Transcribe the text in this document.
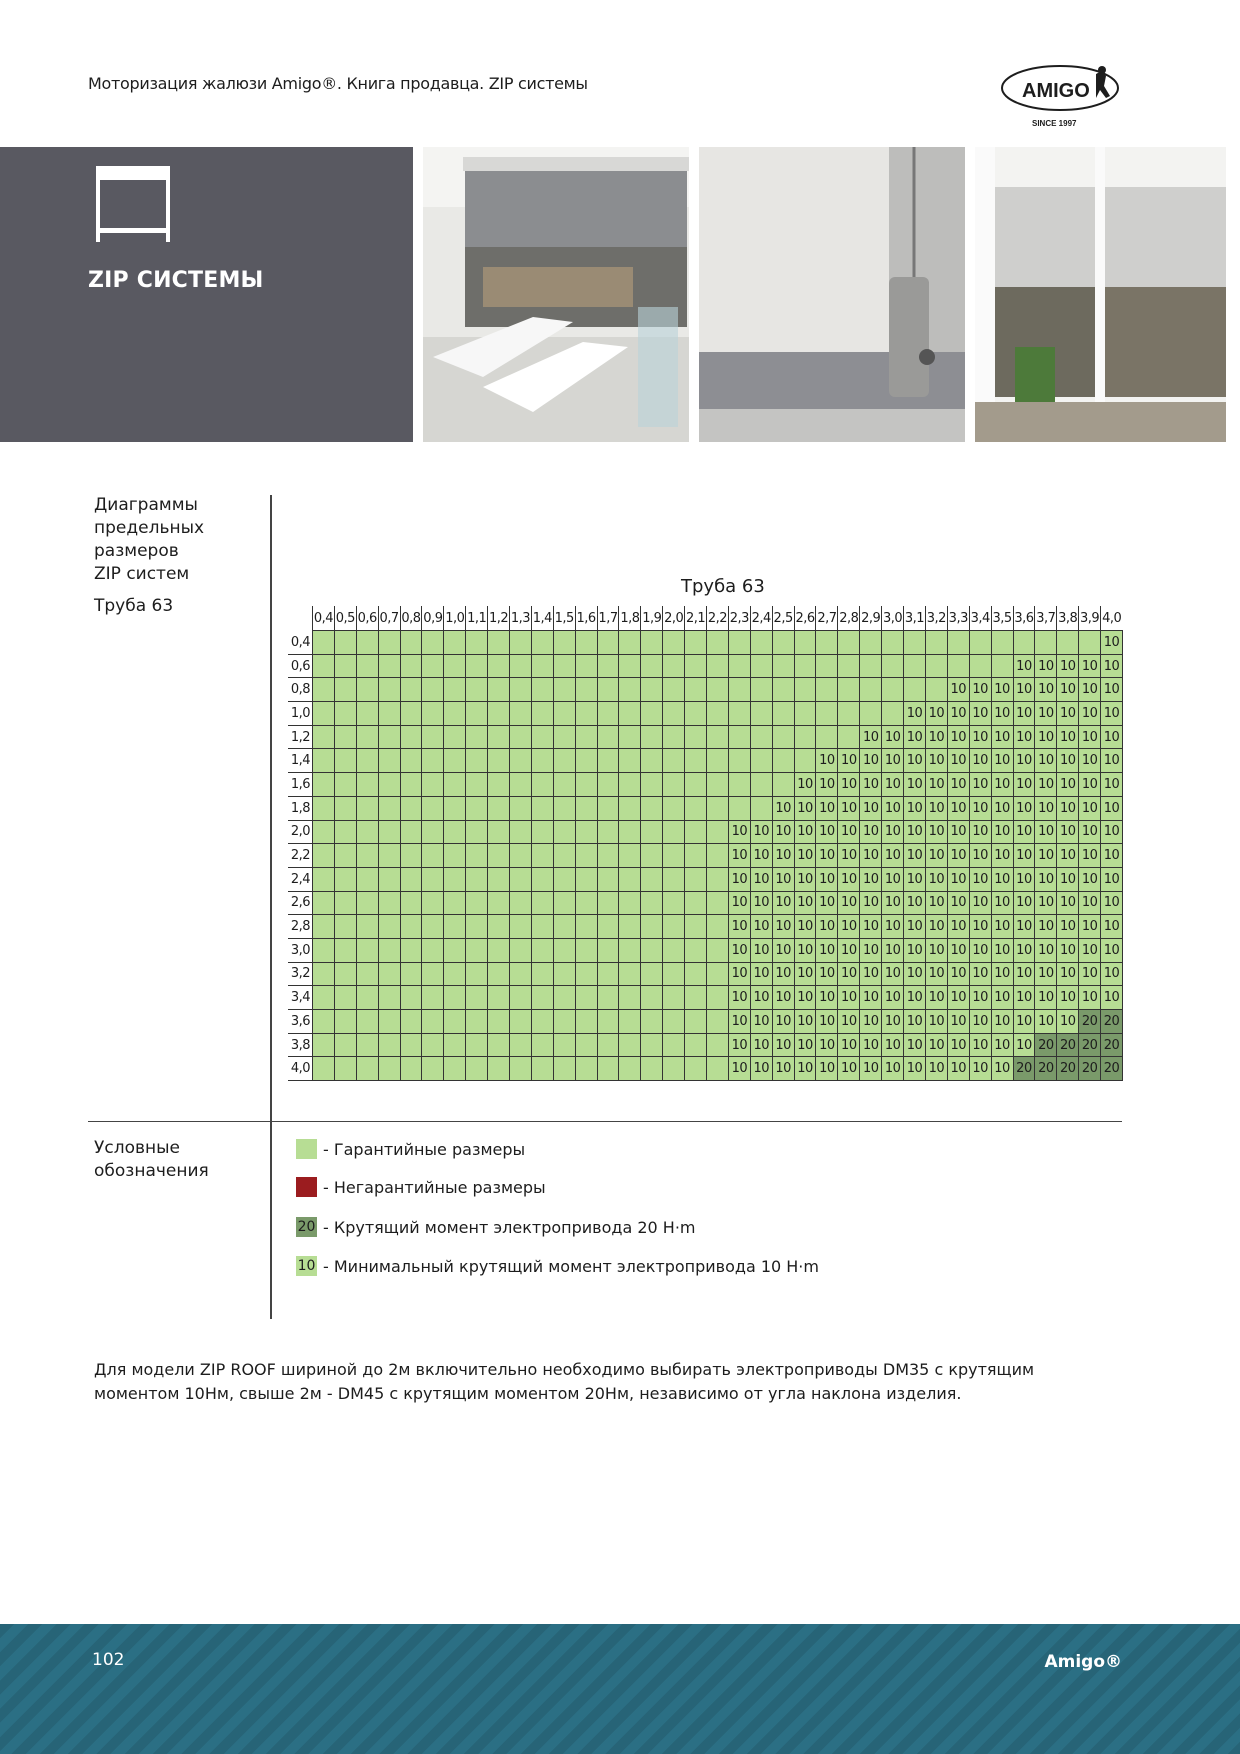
Моторизация жалюзи Amigo®. Книга продавца. ZIP системы	AMIGO
SINCE 1997
ZIP СИСТЕМЫ
Диаграммы
предельных
размеров
ZIP систем
Труба 63
Труба 63
	0,4	0,5	0,6	0,7	0,8	0,9	1,0	1,1	1,2	1,3	1,4	1,5	1,6	1,7	1,8	1,9	2,0	2,1	2,2	2,3	2,4	2,5	2,6	2,7	2,8	2,9	3,0	3,1	3,2	3,3	3,4	3,5	3,6	3,7	3,8	3,9	4,0
0,4																																					10
0,6																																	10	10	10	10	10
0,8																														10	10	10	10	10	10	10	10
1,0																												10	10	10	10	10	10	10	10	10	10
1,2																										10	10	10	10	10	10	10	10	10	10	10	10
1,4																								10	10	10	10	10	10	10	10	10	10	10	10	10	10
1,6																							10	10	10	10	10	10	10	10	10	10	10	10	10	10	10
1,8																						10	10	10	10	10	10	10	10	10	10	10	10	10	10	10	10
2,0																				10	10	10	10	10	10	10	10	10	10	10	10	10	10	10	10	10	10
2,2																				10	10	10	10	10	10	10	10	10	10	10	10	10	10	10	10	10	10
2,4																				10	10	10	10	10	10	10	10	10	10	10	10	10	10	10	10	10	10
2,6																				10	10	10	10	10	10	10	10	10	10	10	10	10	10	10	10	10	10
2,8																				10	10	10	10	10	10	10	10	10	10	10	10	10	10	10	10	10	10
3,0																				10	10	10	10	10	10	10	10	10	10	10	10	10	10	10	10	10	10
3,2																				10	10	10	10	10	10	10	10	10	10	10	10	10	10	10	10	10	10
3,4																				10	10	10	10	10	10	10	10	10	10	10	10	10	10	10	10	10	10
3,6																				10	10	10	10	10	10	10	10	10	10	10	10	10	10	10	10	20	20
3,8																				10	10	10	10	10	10	10	10	10	10	10	10	10	10	20	20	20	20
4,0																				10	10	10	10	10	10	10	10	10	10	10	10	10	20	20	20	20	20
Условные
обозначения
- Гарантийные размеры
- Негарантийные размеры
20 - Крутящий момент электропривода 20 Н·m
10 - Минимальный крутящий момент электропривода 10 Н·m
Для модели ZIP ROOF шириной до 2м включительно необходимо выбирать электроприводы DM35 с крутящим моментом 10Нм, свыше 2м - DM45 с крутящим моментом 20Нм, независимо от угла наклона изделия.
102	Amigo®
